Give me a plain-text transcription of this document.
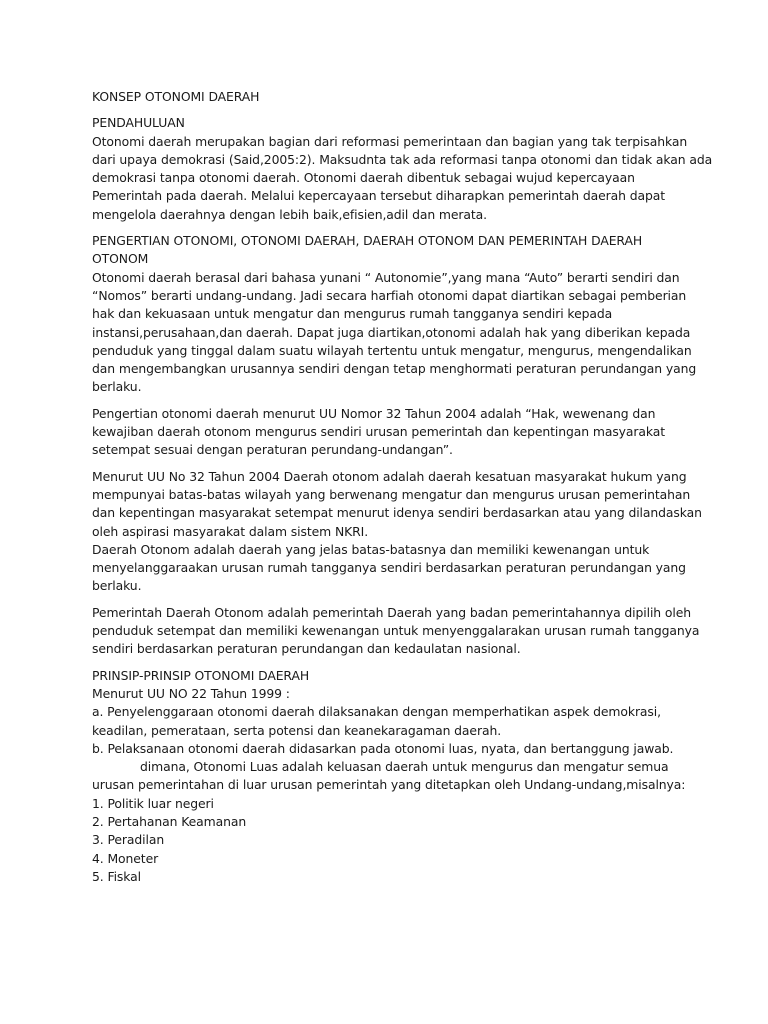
KONSEP OTONOMI DAERAH
PENDAHULUAN
Otonomi daerah merupakan bagian dari reformasi pemerintaan dan bagian yang tak terpisahkan
dari upaya demokrasi (Said,2005:2). Maksudnta tak ada reformasi tanpa otonomi dan tidak akan ada
demokrasi tanpa otonomi daerah. Otonomi daerah dibentuk sebagai wujud kepercayaan
Pemerintah pada daerah. Melalui kepercayaan tersebut diharapkan pemerintah daerah dapat
mengelola daerahnya dengan lebih baik,efisien,adil dan merata.
PENGERTIAN OTONOMI, OTONOMI DAERAH, DAERAH OTONOM DAN PEMERINTAH DAERAH
OTONOM
Otonomi daerah berasal dari bahasa yunani “ Autonomie”,yang mana “Auto” berarti sendiri dan
“Nomos” berarti undang-undang. Jadi secara harfiah otonomi dapat diartikan sebagai pemberian
hak dan kekuasaan untuk mengatur dan mengurus rumah tangganya sendiri kepada
instansi,perusahaan,dan daerah. Dapat juga diartikan,otonomi adalah hak yang diberikan kepada
penduduk yang tinggal dalam suatu wilayah tertentu untuk mengatur, mengurus, mengendalikan
dan mengembangkan urusannya sendiri dengan tetap menghormati peraturan perundangan yang
berlaku.
Pengertian otonomi daerah menurut UU Nomor 32 Tahun 2004 adalah “Hak, wewenang dan
kewajiban daerah otonom mengurus sendiri urusan pemerintah dan kepentingan masyarakat
setempat sesuai dengan peraturan perundang-undangan”.
Menurut UU No 32 Tahun 2004 Daerah otonom adalah daerah kesatuan masyarakat hukum yang
mempunyai batas-batas wilayah yang berwenang mengatur dan mengurus urusan pemerintahan
dan kepentingan masyarakat setempat menurut idenya sendiri berdasarkan atau yang dilandaskan
oleh aspirasi masyarakat dalam sistem NKRI.
Daerah Otonom adalah daerah yang jelas batas-batasnya dan memiliki kewenangan untuk
menyelanggaraakan urusan rumah tangganya sendiri berdasarkan peraturan perundangan yang
berlaku.
Pemerintah Daerah Otonom adalah pemerintah Daerah yang badan pemerintahannya dipilih oleh
penduduk setempat dan memiliki kewenangan untuk menyenggalarakan urusan rumah tangganya
sendiri berdasarkan peraturan perundangan dan kedaulatan nasional.
PRINSIP-PRINSIP OTONOMI DAERAH
Menurut UU NO 22 Tahun 1999 :
a. Penyelenggaraan otonomi daerah dilaksanakan dengan memperhatikan aspek demokrasi,
keadilan, pemerataan, serta potensi dan keanekaragaman daerah.
b. Pelaksanaan otonomi daerah didasarkan pada otonomi luas, nyata, dan bertanggung jawab.
dimana, Otonomi Luas adalah keluasan daerah untuk mengurus dan mengatur semua
urusan pemerintahan di luar urusan pemerintah yang ditetapkan oleh Undang-undang,misalnya:
1. Politik luar negeri
2. Pertahanan Keamanan
3. Peradilan
4. Moneter
5. Fiskal
